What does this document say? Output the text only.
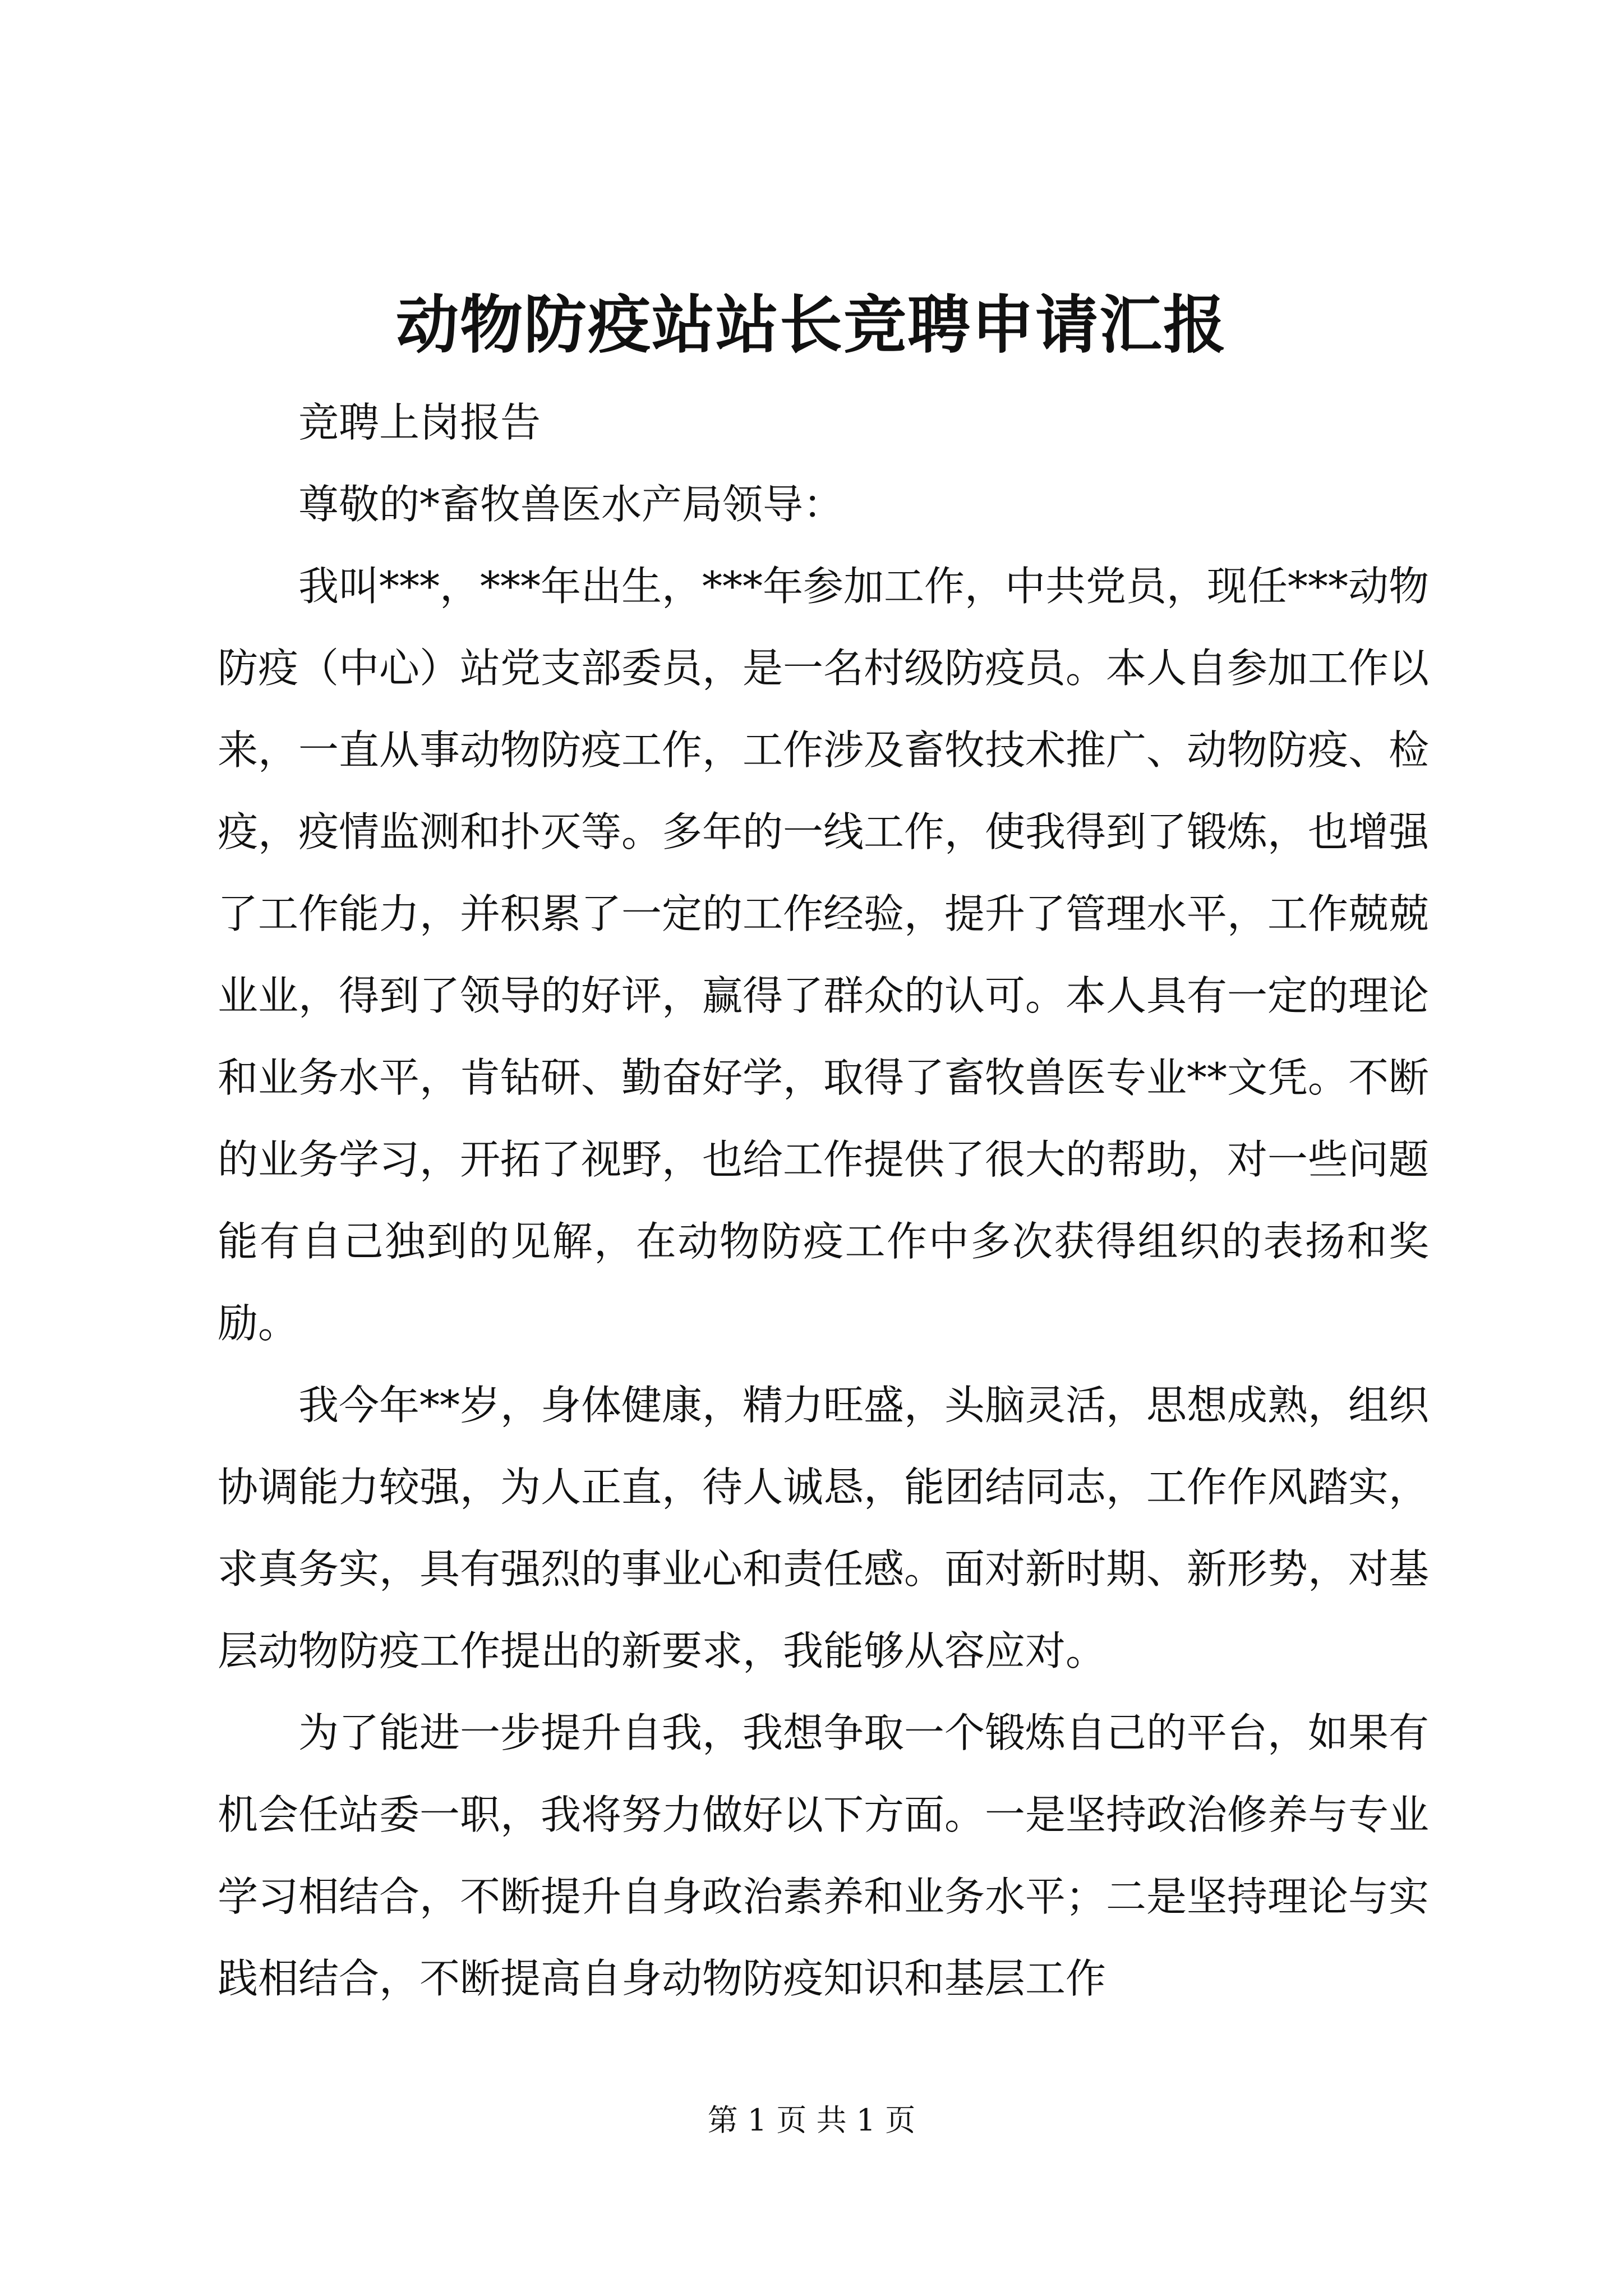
动物防疫站站长竞聘申请汇报

竞聘上岗报告

尊敬的*畜牧兽医水产局领导：

我叫***，***年出生，***年参加工作，中共党员，现任***动物防疫（中心）站党支部委员，是一名村级防疫员。本人自参加工作以来，一直从事动物防疫工作，工作涉及畜牧技术推广、动物防疫、检疫，疫情监测和扑灭等。多年的一线工作，使我得到了锻炼，也增强了工作能力，并积累了一定的工作经验，提升了管理水平，工作兢兢业业，得到了领导的好评，赢得了群众的认可。本人具有一定的理论和业务水平，肯钻研、勤奋好学，取得了畜牧兽医专业**文凭。不断的业务学习，开拓了视野，也给工作提供了很大的帮助，对一些问题能有自己独到的见解，在动物防疫工作中多次获得组织的表扬和奖励。

我今年**岁，身体健康，精力旺盛，头脑灵活，思想成熟，组织协调能力较强，为人正直，待人诚恳，能团结同志，工作作风踏实，求真务实，具有强烈的事业心和责任感。面对新时期、新形势，对基层动物防疫工作提出的新要求，我能够从容应对。

为了能进一步提升自我，我想争取一个锻炼自己的平台，如果有机会任站委一职，我将努力做好以下方面。一是坚持政治修养与专业学习相结合，不断提升自身政治素养和业务水平；二是坚持理论与实践相结合，不断提高自身动物防疫知识和基层工作

第 1 页 共 1 页
